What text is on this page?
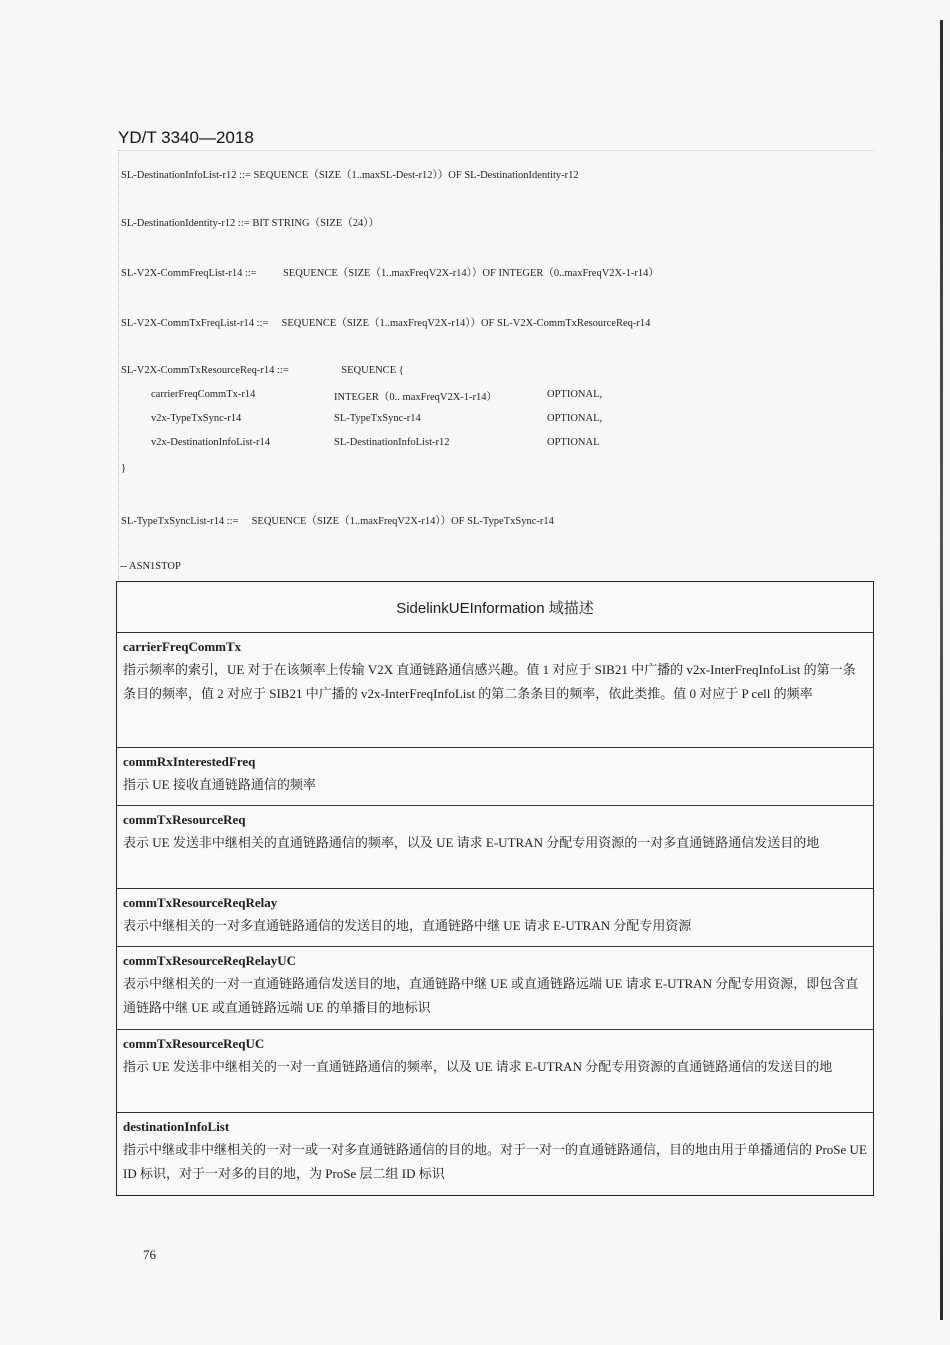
YD/T 3340—2018
SL-DestinationInfoList-r12 ::= SEQUENCE（SIZE（1..maxSL-Dest-r12））OF SL-DestinationIdentity-r12
SL-DestinationIdentity-r12 ::= BIT STRING（SIZE（24））
SL-V2X-CommFreqList-r14 ::=          SEQUENCE（SIZE（1..maxFreqV2X-r14））OF INTEGER（0..maxFreqV2X-1-r14）
SL-V2X-CommTxFreqList-r14 ::=     SEQUENCE（SIZE（1..maxFreqV2X-r14））OF SL-V2X-CommTxResourceReq-r14
SL-V2X-CommTxResourceReq-r14 ::=                    SEQUENCE {
carrierFreqCommTx-r14	INTEGER（0.. maxFreqV2X-1-r14）	OPTIONAL,
v2x-TypeTxSync-r14	SL-TypeTxSync-r14	OPTIONAL,
v2x-DestinationInfoList-r14	SL-DestinationInfoList-r12	OPTIONAL
}
SL-TypeTxSyncList-r14 ::=     SEQUENCE（SIZE（1..maxFreqV2X-r14））OF SL-TypeTxSync-r14
-- ASN1STOP
SidelinkUEInformation 域描述

carrierFreqCommTx
指示频率的索引，UE 对于在该频率上传输 V2X 直通链路通信感兴趣。值 1 对应于 SIB21 中广播的 v2x-InterFreqInfoList 的第一条条目的频率，值 2 对应于 SIB21 中广播的 v2x-InterFreqInfoList 的第二条条目的频率，依此类推。值 0 对应于 P cell 的频率

commRxInterestedFreq
指示 UE 接收直通链路通信的频率

commTxResourceReq
表示 UE 发送非中继相关的直通链路通信的频率，以及 UE 请求 E-UTRAN 分配专用资源的一对多直通链路通信发送目的地

commTxResourceReqRelay
表示中继相关的一对多直通链路通信的发送目的地，直通链路中继 UE 请求 E-UTRAN 分配专用资源

commTxResourceReqRelayUC
表示中继相关的一对一直通链路通信发送目的地，直通链路中继 UE 或直通链路远端 UE 请求 E-UTRAN 分配专用资源，即包含直通链路中继 UE 或直通链路远端 UE 的单播目的地标识

commTxResourceReqUC
指示 UE 发送非中继相关的一对一直通链路通信的频率，以及 UE 请求 E-UTRAN 分配专用资源的直通链路通信的发送目的地

destinationInfoList
指示中继或非中继相关的一对一或一对多直通链路通信的目的地。对于一对一的直通链路通信，目的地由用于单播通信的 ProSe UE ID 标识，对于一对多的目的地，为 ProSe 层二组 ID 标识
76
